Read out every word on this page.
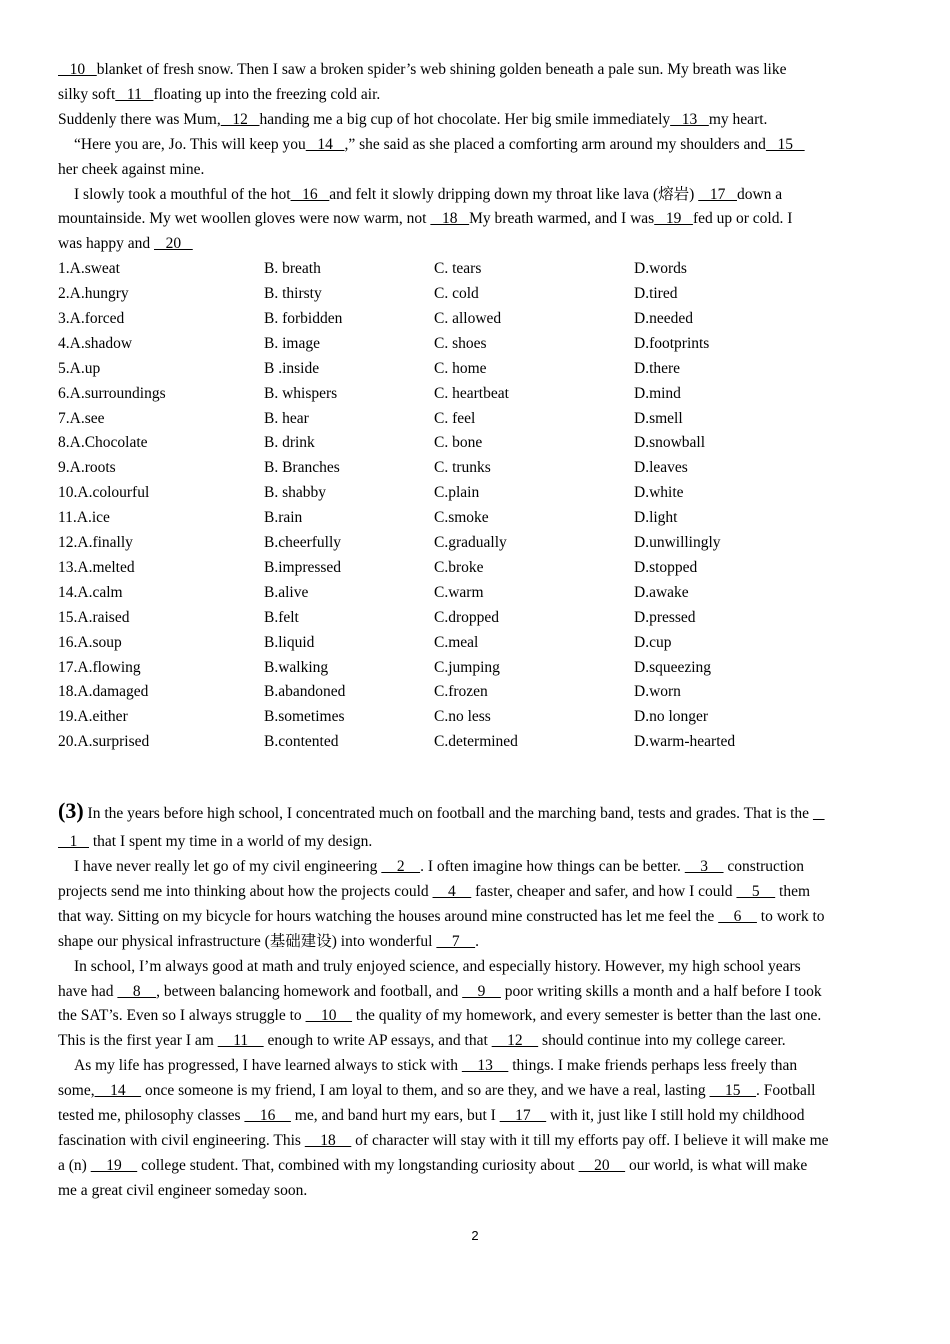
10   blanket of fresh snow. Then I saw a broken spider’s web shining golden beneath a pale sun. My breath was like
silky soft   11   floating up into the freezing cold air.
Suddenly there was Mum,   12   handing me a big cup of hot chocolate. Her big smile immediately   13   my heart.
“Here you are, Jo. This will keep you   14   ,” she said as she placed a comforting arm around my shoulders and   15
her cheek against mine.
I slowly took a mouthful of the hot   16   and felt it slowly dripping down my throat like lava (熔岩)    17   down a
mountainside. My wet woollen gloves were now warm, not    18   My breath warmed, and I was   19   fed up or cold. I
was happy and    20
1.A.sweat	B. breath	C. tears	D.words
2.A.hungry	B. thirsty	C. cold	D.tired
3.A.forced	B. forbidden	C. allowed	D.needed
4.A.shadow	B. image	C. shoes	D.footprints
5.A.up	B .inside	C. home	D.there
6.A.surroundings	B. whispers	C. heartbeat	D.mind
7.A.see	B. hear	C. feel	D.smell
8.A.Chocolate	B. drink	C. bone	D.snowball
9.A.roots	B. Branches	C. trunks	D.leaves
10.A.colourful	B. shabby	C.plain	D.white
11.A.ice	B.rain	C.smoke	D.light
12.A.finally	B.cheerfully	C.gradually	D.unwillingly
13.A.melted	B.impressed	C.broke	D.stopped
14.A.calm	B.alive	C.warm	D.awake
15.A.raised	B.felt	C.dropped	D.pressed
16.A.soup	B.liquid	C.meal	D.cup
17.A.flowing	B.walking	C.jumping	D.squeezing
18.A.damaged	B.abandoned	C.frozen	D.worn
19.A.either	B.sometimes	C.no less	D.no longer
20.A.surprised	B.contented	C.determined	D.warm-hearted
(3) In the years before high school, I concentrated much on football and the marching band, tests and grades. That is the
1    that I spent my time in a world of my design.
I have never really let go of my civil engineering     2    . I often imagine how things can be better.     3     construction
projects send me into thinking about how the projects could     4     faster, cheaper and safer, and how I could     5     them
that way. Sitting on my bicycle for hours watching the houses around mine constructed has let me feel the     6     to work to
shape our physical infrastructure (基础建设) into wonderful     7    .
In school, I’m always good at math and truly enjoyed science, and especially history. However, my high school years
have had     8    , between balancing homework and football, and     9     poor writing skills a month and a half before I took
the SAT’s. Even so I always struggle to     10     the quality of my homework, and every semester is better than the last one.
This is the first year I am     11     enough to write AP essays, and that     12     should continue into my college career.
As my life has progressed, I have learned always to stick with     13     things. I make friends perhaps less freely than
some,    14     once someone is my friend, I am loyal to them, and so are they, and we have a real, lasting     15    . Football
tested me, philosophy classes     16     me, and band hurt my ears, but I     17     with it, just like I still hold my childhood
fascination with civil engineering. This     18     of character will stay with it till my efforts pay off. I believe it will make me
a (n)     19     college student. That, combined with my longstanding curiosity about     20     our world, is what will make
me a great civil engineer someday soon.
2
